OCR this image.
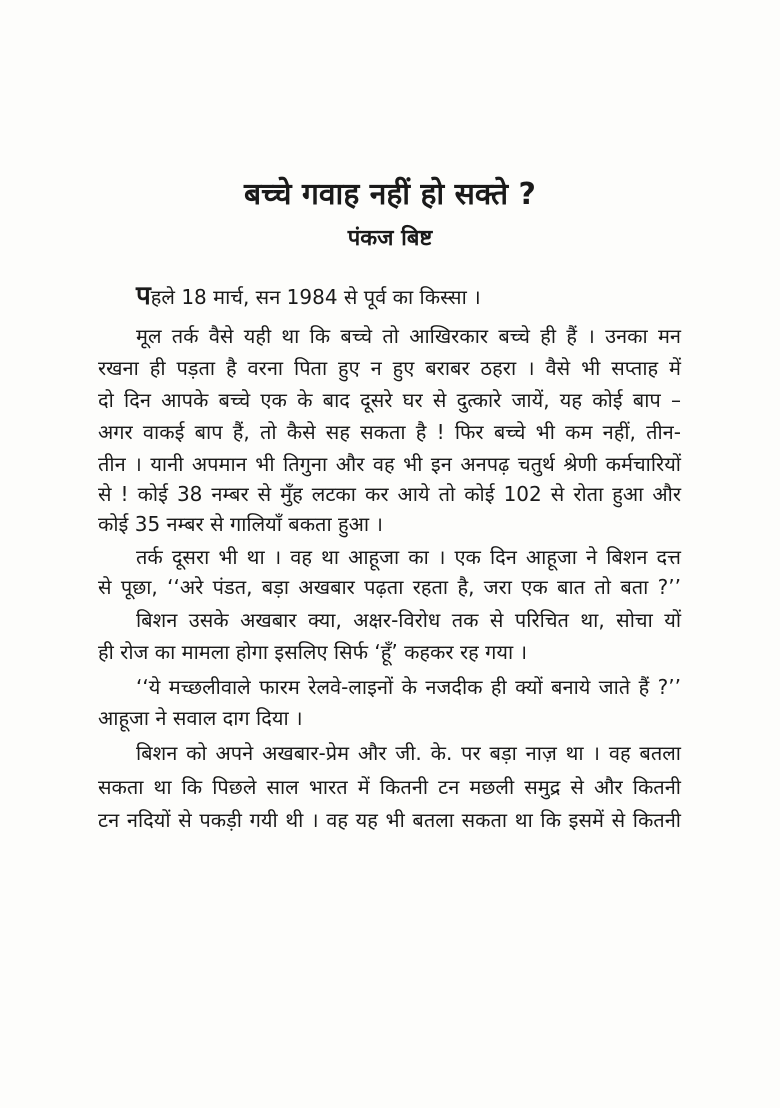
बच्चे गवाह नहीं हो सक्ते ?
पंकज बिष्ट
पहले 18 मार्च, सन 1984 से पूर्व का किस्सा ।
मूल तर्क वैसे यही था कि बच्चे तो आखिरकार बच्चे ही हैं । उनका मन
रखना ही पड़ता है वरना पिता हुए न हुए बराबर ठहरा । वैसे भी सप्ताह में
दो दिन आपके बच्चे एक के बाद दूसरे घर से दुत्कारे जायें, यह कोई बाप –
अगर वाकई बाप हैं, तो कैसे सह सकता है ! फिर बच्चे भी कम नहीं, तीन-
तीन । यानी अपमान भी तिगुना और वह भी इन अनपढ़ चतुर्थ श्रेणी कर्मचारियों
से ! कोई 38 नम्बर से मुँह लटका कर आये तो कोई 102 से रोता हुआ और
कोई 35 नम्बर से गालियाँ बकता हुआ ।
तर्क दूसरा भी था । वह था आहूजा का । एक दिन आहूजा ने बिशन दत्त
से पूछा, ‘‘अरे पंडत, बड़ा अखबार पढ़ता रहता है, जरा एक बात तो बता ?’’
बिशन उसके अखबार क्या, अक्षर-विरोध तक से परिचित था, सोचा यों
ही रोज का मामला होगा इसलिए सिर्फ ‘हूँ’ कहकर रह गया ।
‘‘ये मच्छलीवाले फारम रेलवे-लाइनों के नजदीक ही क्यों बनाये जाते हैं ?’’
आहूजा ने सवाल दाग दिया ।
बिशन को अपने अखबार-प्रेम और जी. के. पर बड़ा नाज़ था । वह बतला
सकता था कि पिछले साल भारत में कितनी टन मछली समुद्र से और कितनी
टन नदियों से पकड़ी गयी थी । वह यह भी बतला सकता था कि इसमें से कितनी
